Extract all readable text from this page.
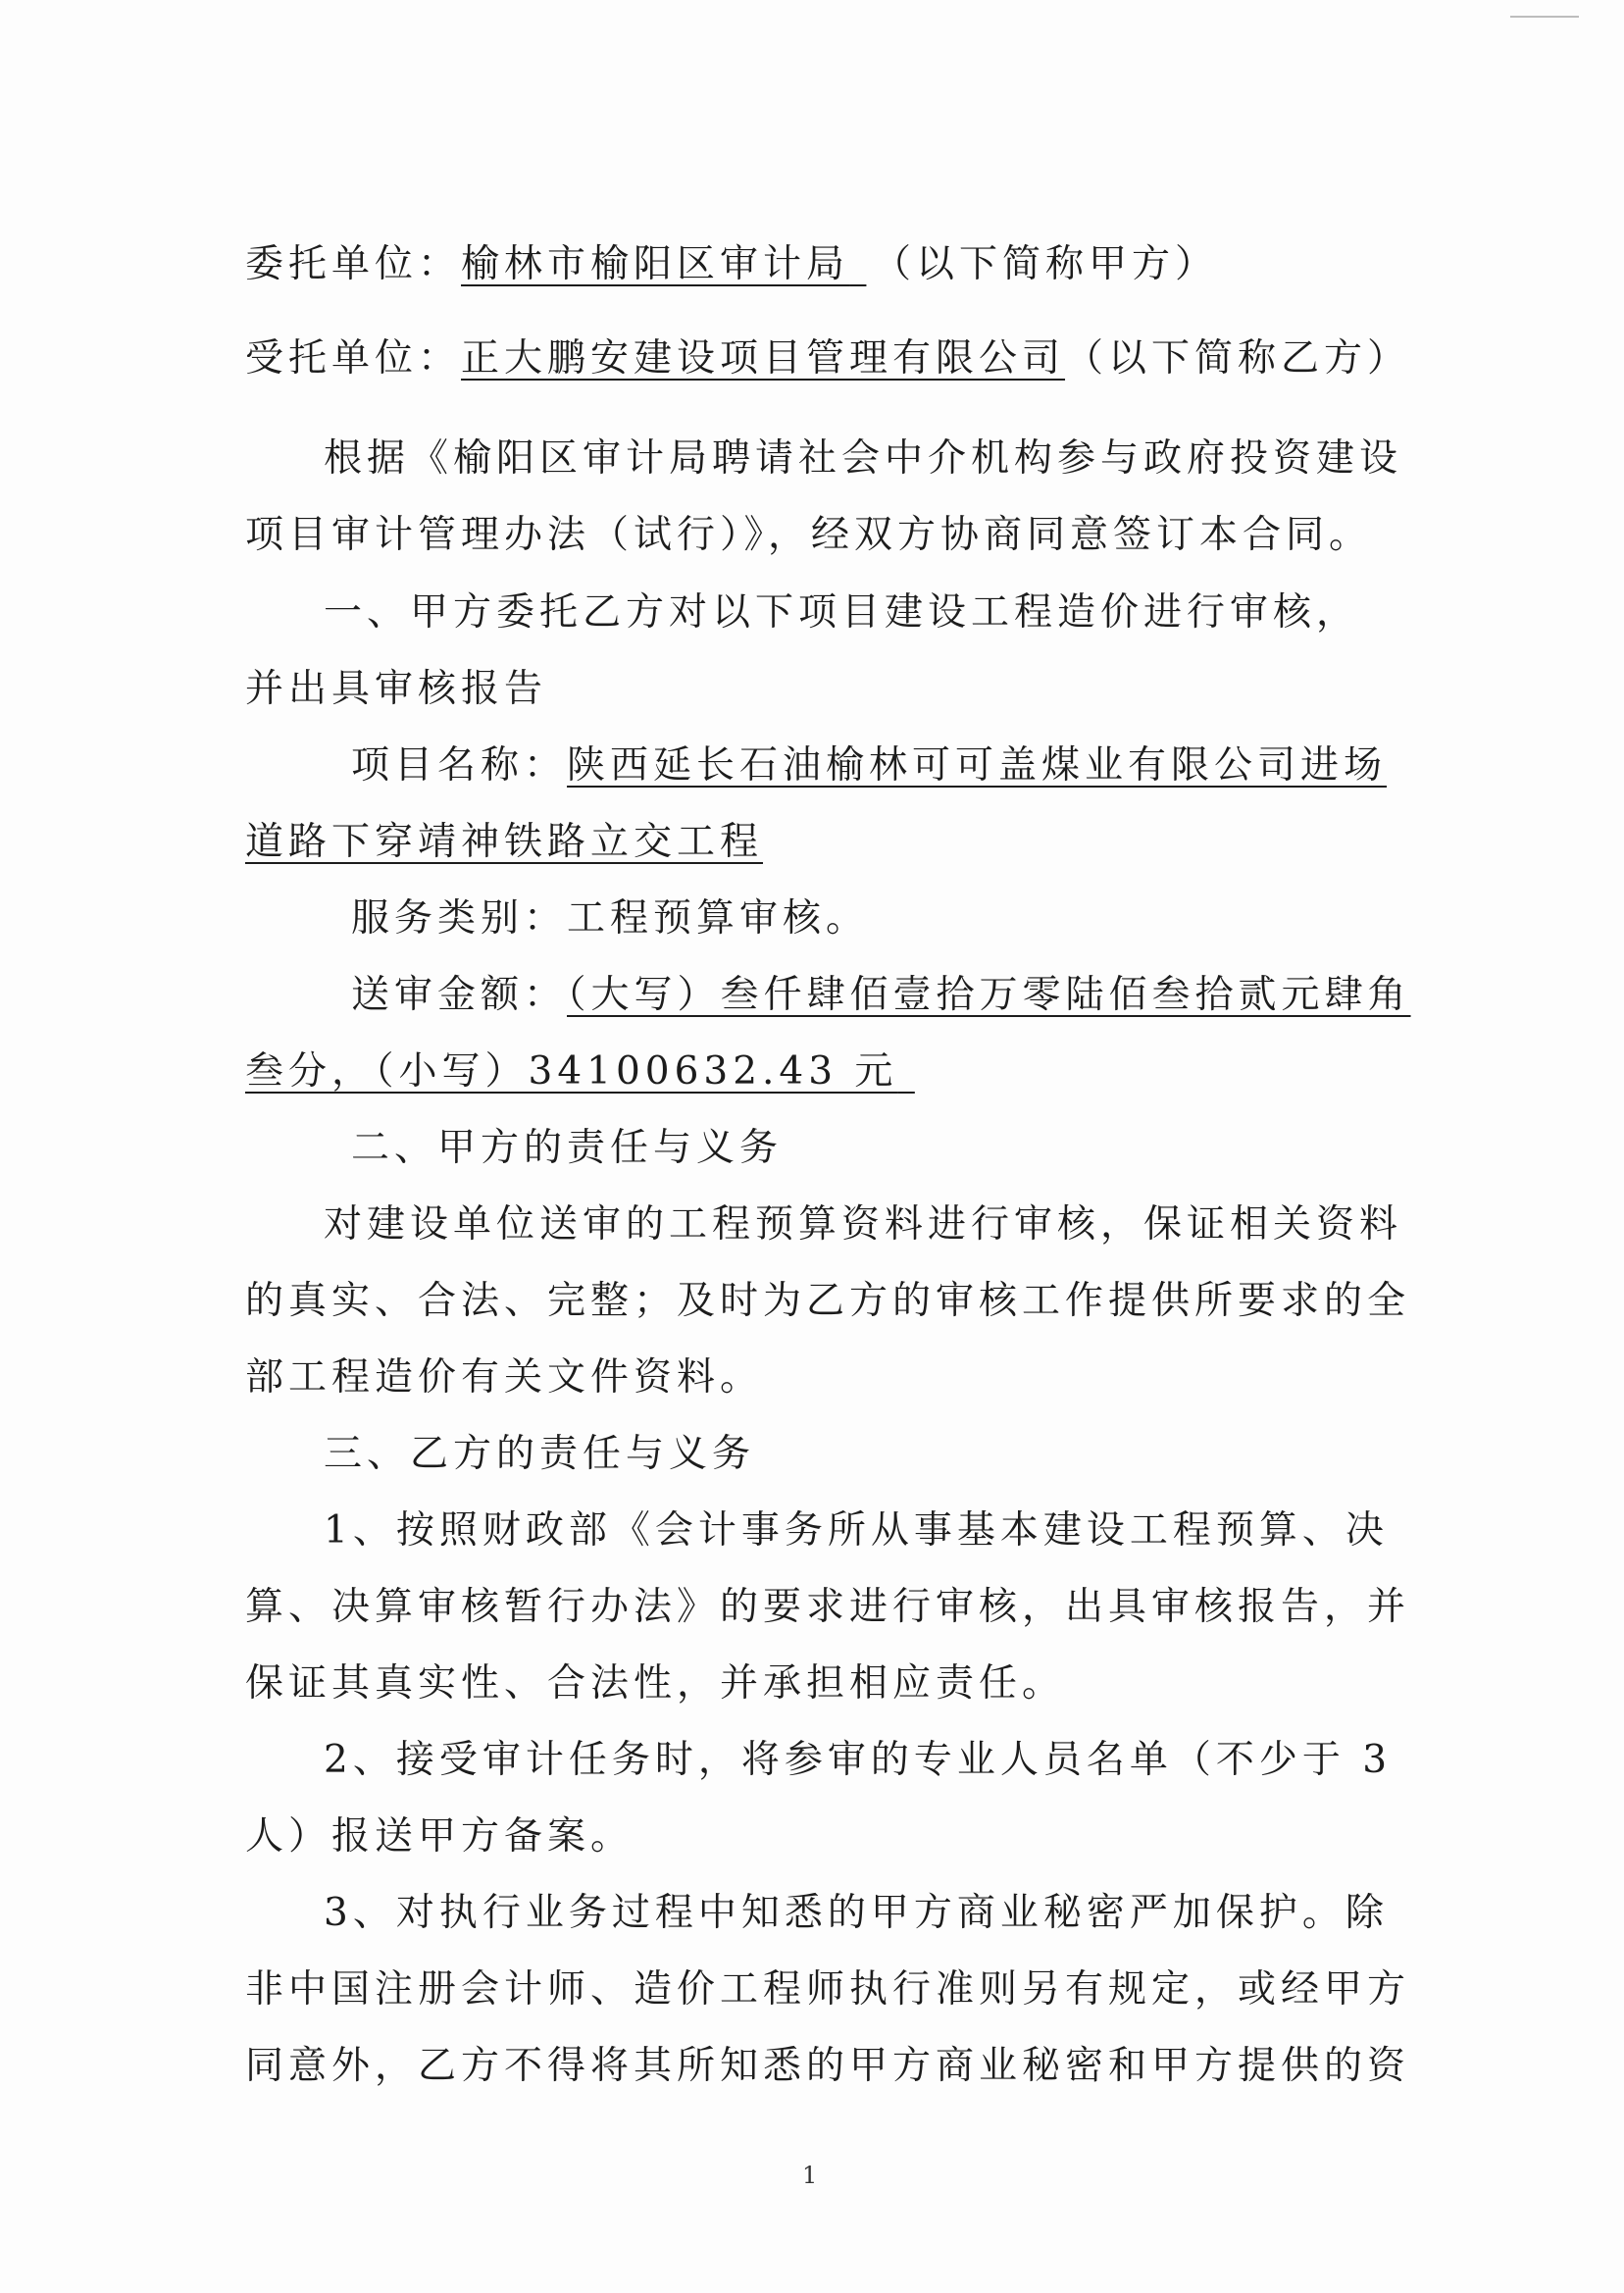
委托单位：榆林市榆阳区审计局 （以下简称甲方）
受托单位：正大鹏安建设项目管理有限公司（以下简称乙方）
根据《榆阳区审计局聘请社会中介机构参与政府投资建设
项目审计管理办法（试行）》，经双方协商同意签订本合同。
一、甲方委托乙方对以下项目建设工程造价进行审核，
并出具审核报告
项目名称：陕西延长石油榆林可可盖煤业有限公司进场
道路下穿靖神铁路立交工程
服务类别：工程预算审核。
送审金额：（大写）叁仟肆佰壹拾万零陆佰叁拾贰元肆角
叁分，（小写）34100632.43 元
二、甲方的责任与义务
对建设单位送审的工程预算资料进行审核，保证相关资料
的真实、合法、完整；及时为乙方的审核工作提供所要求的全
部工程造价有关文件资料。
三、乙方的责任与义务
1、按照财政部《会计事务所从事基本建设工程预算、决
算、决算审核暂行办法》的要求进行审核，出具审核报告，并
保证其真实性、合法性，并承担相应责任。
2、接受审计任务时，将参审的专业人员名单（不少于 3
人）报送甲方备案。
3、对执行业务过程中知悉的甲方商业秘密严加保护。除
非中国注册会计师、造价工程师执行准则另有规定，或经甲方
同意外，乙方不得将其所知悉的甲方商业秘密和甲方提供的资
1
